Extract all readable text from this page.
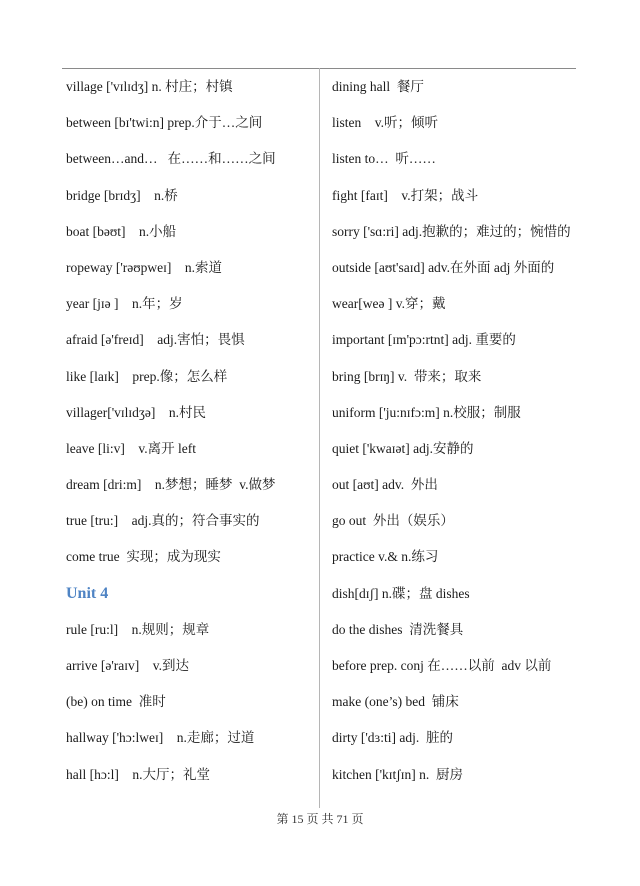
village ['vɪlɪdʒ] n. 村庄；村镇
between [bɪ'twi:n] prep.介于…之间
between…and…   在……和……之间
bridge [brɪdʒ]    n.桥
boat [bəʊt]    n.小船
ropeway ['rəʊpweɪ]    n.索道
year [jɪə ]    n.年；岁
afraid [ə'freɪd]    adj.害怕；畏惧
like [laɪk]    prep.像；怎么样
villager['vɪlɪdʒə]    n.村民
leave [li:v]    v.离开 left
dream [dri:m]    n.梦想；睡梦  v.做梦
true [tru:]    adj.真的；符合事实的
come true  实现；成为现实
Unit 4
rule [ru:l]    n.规则；规章
arrive [ə'raɪv]    v.到达
(be) on time  准时
hallway ['hɔ:lweɪ]    n.走廊；过道
hall [hɔ:l]    n.大厅；礼堂
dining hall  餐厅
listen    v.听；倾听
listen to…  听……
fight [faɪt]    v.打架；战斗
sorry ['sɑ:ri] adj.抱歉的；难过的；惋惜的
outside [aʊt'saɪd] adv.在外面 adj 外面的
wear[weə ] v.穿；戴
important [ɪm'pɔ:rtnt] adj. 重要的
bring [brɪŋ] v.  带来；取来
uniform ['ju:nɪfɔ:m] n.校服；制服
quiet ['kwaɪət] adj.安静的
out [aʊt] adv.  外出
go out  外出（娱乐）
practice v.& n.练习
dish[dɪʃ] n.碟；盘 dishes
do the dishes  清洗餐具
before prep. conj 在……以前  adv 以前
make (one’s) bed  铺床
dirty ['dɜ:ti] adj.  脏的
kitchen ['kɪtʃɪn] n.  厨房
第 15 页 共 71 页
